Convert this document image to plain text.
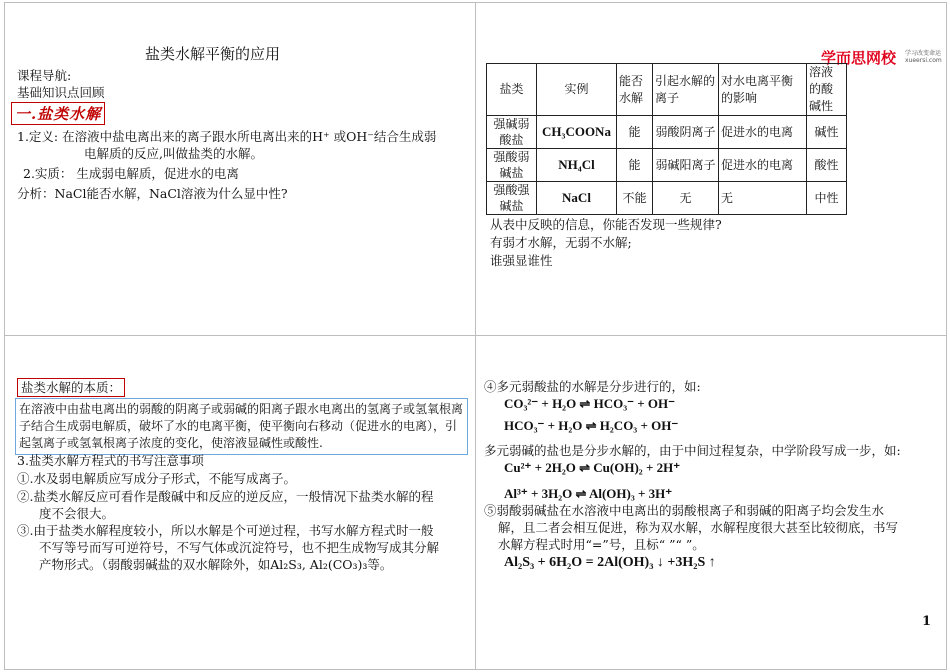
盐类水解平衡的应用
课程导航:
基础知识点回顾
一.盐类水解
1.定义: 在溶液中盐电离出来的离子跟水所电离出来的H⁺ 或OH⁻结合生成弱
电解质的反应,叫做盐类的水解。
2.实质： 生成弱电解质，促进水的电离
分析：NaCl能否水解，NaCl溶液为什么显中性?
学而思网校 学习改变命运
xueersi.com
盐类	实例	能否水解	引起水解的离子	对水电离平衡的影响	溶液的酸碱性
强碱弱酸盐	CH₃COONa	能	弱酸阴离子	促进水的电离	碱性
强酸弱碱盐	NH₄Cl	能	弱碱阳离子	促进水的电离	酸性
强酸强碱盐	NaCl	不能	无	无	中性
从表中反映的信息，你能否发现一些规律?
有弱才水解，无弱不水解;
谁强显谁性
盐类水解的本质：
在溶液中由盐电离出的弱酸的阴离子或弱碱的阳离子跟水电离出的氢离子或氢氧根离子结合生成弱电解质，破坏了水的电离平衡，使平衡向右移动（促进水的电离），引起氢离子或氢氧根离子浓度的变化，使溶液显碱性或酸性.
3.盐类水解方程式的书写注意事项
①.水及弱电解质应写成分子形式，不能写成离子。
②.盐类水解反应可看作是酸碱中和反应的逆反应，一般情况下盐类水解的程
度不会很大。
③.由于盐类水解程度较小，所以水解是个可逆过程，书写水解方程式时一般
不写等号而写可逆符号，不写气体或沉淀符号，也不把生成物写成其分解
产物形式。（弱酸弱碱盐的双水解除外，如Al₂S₃, Al₂(CO₃)₃等。
④多元弱酸盐的水解是分步进行的，如:
CO₃²⁻ + H₂O ⇌ HCO₃⁻ + OH⁻
HCO₃⁻ + H₂O ⇌ H₂CO₃ + OH⁻
多元弱碱的盐也是分步水解的，由于中间过程复杂，中学阶段写成一步，如:
Cu²⁺ + 2H₂O ⇌ Cu(OH)₂ + 2H⁺
Al³⁺ + 3H₂O ⇌ Al(OH)₃ + 3H⁺
⑤弱酸弱碱盐在水溶液中电离出的弱酸根离子和弱碱的阳离子均会发生水
解，且二者会相互促进，称为双水解，水解程度很大甚至比较彻底，书写
水解方程式时用“=”号，且标“ ”“ ”。
Al₂S₃ + 6H₂O = 2Al(OH)₃ ↓ +3H₂S ↑
1
